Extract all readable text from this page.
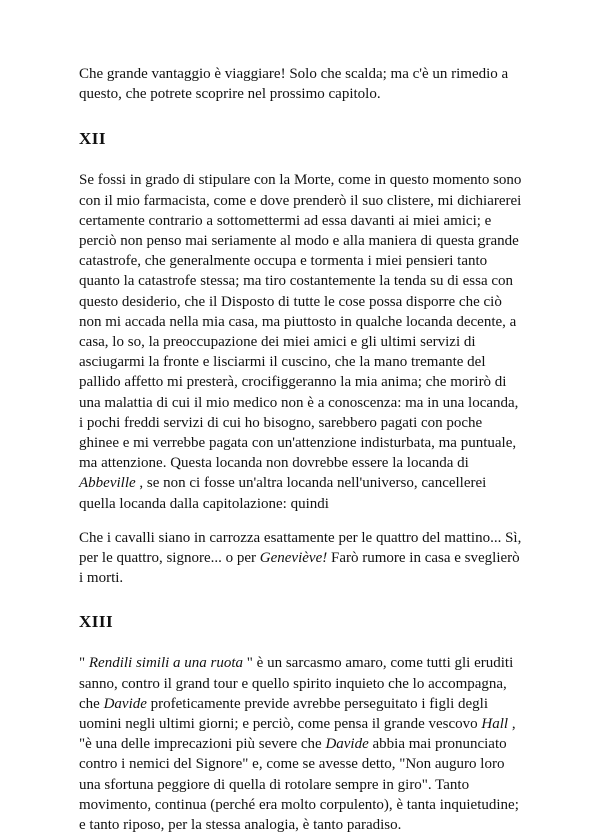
Che grande vantaggio è viaggiare! Solo che scalda; ma c'è un rimedio a questo, che potrete scoprire nel prossimo capitolo.

XII

Se fossi in grado di stipulare con la Morte, come in questo momento sono con il mio farmacista, come e dove prenderò il suo clistere, mi dichiarerei certamente contrario a sottomettermi ad essa davanti ai miei amici; e perciò non penso mai seriamente al modo e alla maniera di questa grande catastrofe, che generalmente occupa e tormenta i miei pensieri tanto quanto la catastrofe stessa; ma tiro costantemente la tenda su di essa con questo desiderio, che il Disposto di tutte le cose possa disporre che ciò non mi accada nella mia casa, ma piuttosto in qualche locanda decente, a casa, lo so, la preoccupazione dei miei amici e gli ultimi servizi di asciugarmi la fronte e lisciarmi il cuscino, che la mano tremante del pallido affetto mi presterà, crocifiggeranno la mia anima; che morirò di una malattia di cui il mio medico non è a conoscenza: ma in una locanda, i pochi freddi servizi di cui ho bisogno, sarebbero pagati con poche ghinee e mi verrebbe pagata con un'attenzione indisturbata, ma puntuale, ma attenzione. Questa locanda non dovrebbe essere la locanda di Abbeville , se non ci fosse un'altra locanda nell'universo, cancellerei quella locanda dalla capitolazione: quindi

Che i cavalli siano in carrozza esattamente per le quattro del mattino... Sì, per le quattro, signore... o per Geneviève! Farò rumore in casa e sveglierò i morti.

XIII

" Rendili simili a una ruota " è un sarcasmo amaro, come tutti gli eruditi sanno, contro il grand tour e quello spirito inquieto che lo accompagna, che Davide profeticamente previde avrebbe perseguitato i figli degli uomini negli ultimi giorni; e perciò, come pensa il grande vescovo Hall , "è una delle imprecazioni più severe che Davide abbia mai pronunciato contro i nemici del Signore" e, come se avesse detto, "Non auguro loro una sfortuna peggiore di quella di rotolare sempre in giro". Tanto movimento, continua (perché era molto corpulento), è tanta inquietudine; e tanto riposo, per la stessa analogia, è tanto paradiso.
